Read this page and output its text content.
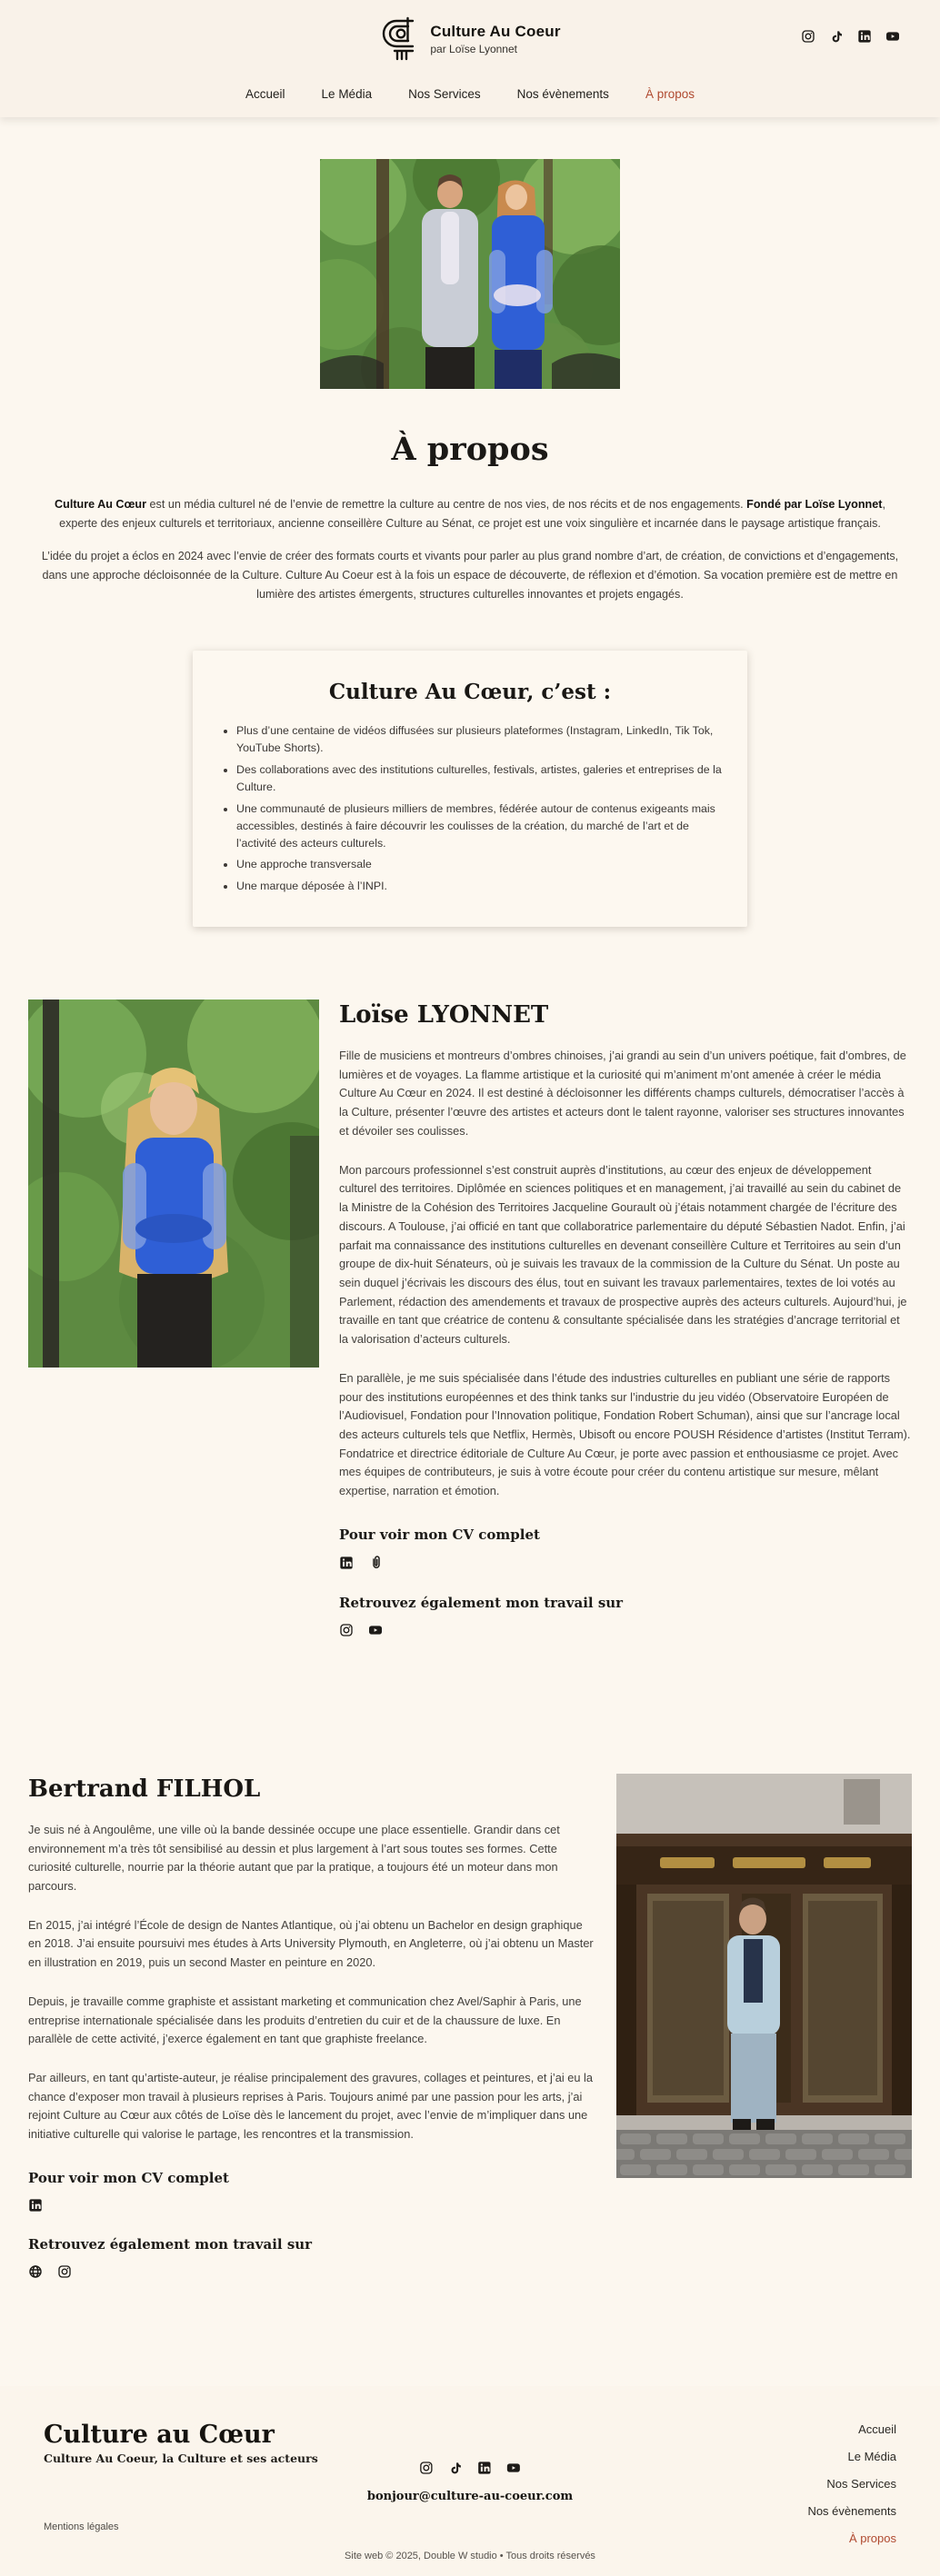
Culture Au Coeur
par Loïse Lyonnet
Accueil	Le Média	Nos Services	Nos évènements	À propos
À propos

Culture Au Cœur est un média culturel né de l’envie de remettre la culture au centre de nos vies, de nos récits et de nos engagements. Fondé par Loïse Lyonnet, experte des enjeux culturels et territoriaux, ancienne conseillère Culture au Sénat, ce projet est une voix singulière et incarnée dans le paysage artistique français.

L’idée du projet a éclos en 2024 avec l’envie de créer des formats courts et vivants pour parler au plus grand nombre d’art, de création, de convictions et d’engagements, dans une approche décloisonnée de la Culture. Culture Au Coeur est à la fois un espace de découverte, de réflexion et d’émotion. Sa vocation première est de mettre en lumière des artistes émergents, structures culturelles innovantes et projets engagés.

Culture Au Cœur, c’est :
• Plus d’une centaine de vidéos diffusées sur plusieurs plateformes (Instagram, LinkedIn, Tik Tok, YouTube Shorts).
• Des collaborations avec des institutions culturelles, festivals, artistes, galeries et entreprises de la Culture.
• Une communauté de plusieurs milliers de membres, fédérée autour de contenus exigeants mais accessibles, destinés à faire découvrir les coulisses de la création, du marché de l’art et de l’activité des acteurs culturels.
• Une approche transversale
• Une marque déposée à l’INPI.
Loïse LYONNET

Fille de musiciens et montreurs d’ombres chinoises, j’ai grandi au sein d’un univers poétique, fait d’ombres, de lumières et de voyages. La flamme artistique et la curiosité qui m’animent m’ont amenée à créer le média Culture Au Cœur en 2024. Il est destiné à décloisonner les différents champs culturels, démocratiser l’accès à la Culture, présenter l’œuvre des artistes et acteurs dont le talent rayonne, valoriser ses structures innovantes et dévoiler ses coulisses.

Mon parcours professionnel s’est construit auprès d’institutions, au cœur des enjeux de développement culturel des territoires. Diplômée en sciences politiques et en management, j’ai travaillé au sein du cabinet de la Ministre de la Cohésion des Territoires Jacqueline Gourault où j’étais notamment chargée de l’écriture des discours. A Toulouse, j’ai officié en tant que collaboratrice parlementaire du député Sébastien Nadot. Enfin, j’ai parfait ma connaissance des institutions culturelles en devenant conseillère Culture et Territoires au sein d’un groupe de dix-huit Sénateurs, où je suivais les travaux de la commission de la Culture du Sénat. Un poste au sein duquel j’écrivais les discours des élus, tout en suivant les travaux parlementaires, textes de loi votés au Parlement, rédaction des amendements et travaux de prospective auprès des acteurs culturels. Aujourd’hui, je travaille en tant que créatrice de contenu & consultante spécialisée dans les stratégies d’ancrage territorial et la valorisation d’acteurs culturels.

En parallèle, je me suis spécialisée dans l’étude des industries culturelles en publiant une série de rapports pour des institutions européennes et des think tanks sur l’industrie du jeu vidéo (Observatoire Européen de l’Audiovisuel, Fondation pour l’Innovation politique, Fondation Robert Schuman), ainsi que sur l’ancrage local des acteurs culturels tels que Netflix, Hermès, Ubisoft ou encore POUSH Résidence d’artistes (Institut Terram).

Fondatrice et directrice éditoriale de Culture Au Cœur, je porte avec passion et enthousiasme ce projet. Avec mes équipes de contributeurs, je suis à votre écoute pour créer du contenu artistique sur mesure, mêlant expertise, narration et émotion.

Pour voir mon CV complet
Retrouvez également mon travail sur
Bertrand FILHOL

Je suis né à Angoulême, une ville où la bande dessinée occupe une place essentielle. Grandir dans cet environnement m’a très tôt sensibilisé au dessin et plus largement à l’art sous toutes ses formes. Cette curiosité culturelle, nourrie par la théorie autant que par la pratique, a toujours été un moteur dans mon parcours.

En 2015, j’ai intégré l’École de design de Nantes Atlantique, où j’ai obtenu un Bachelor en design graphique en 2018. J’ai ensuite poursuivi mes études à Arts University Plymouth, en Angleterre, où j’ai obtenu un Master en illustration en 2019, puis un second Master en peinture en 2020.

Depuis, je travaille comme graphiste et assistant marketing et communication chez Avel/Saphir à Paris, une entreprise internationale spécialisée dans les produits d’entretien du cuir et de la chaussure de luxe. En parallèle de cette activité, j’exerce également en tant que graphiste freelance.

Par ailleurs, en tant qu’artiste-auteur, je réalise principalement des gravures, collages et peintures, et j’ai eu la chance d’exposer mon travail à plusieurs reprises à Paris. Toujours animé par une passion pour les arts, j’ai rejoint Culture au Cœur aux côtés de Loïse dès le lancement du projet, avec l’envie de m’impliquer dans une initiative culturelle qui valorise le partage, les rencontres et la transmission.

Pour voir mon CV complet
Retrouvez également mon travail sur
Culture au Cœur
Culture Au Coeur, la Culture et ses acteurs
Mentions légales
bonjour@culture-au-coeur.com
Accueil
Le Média
Nos Services
Nos évènements
À propos
Site web © 2025, Double W studio • Tous droits réservés
